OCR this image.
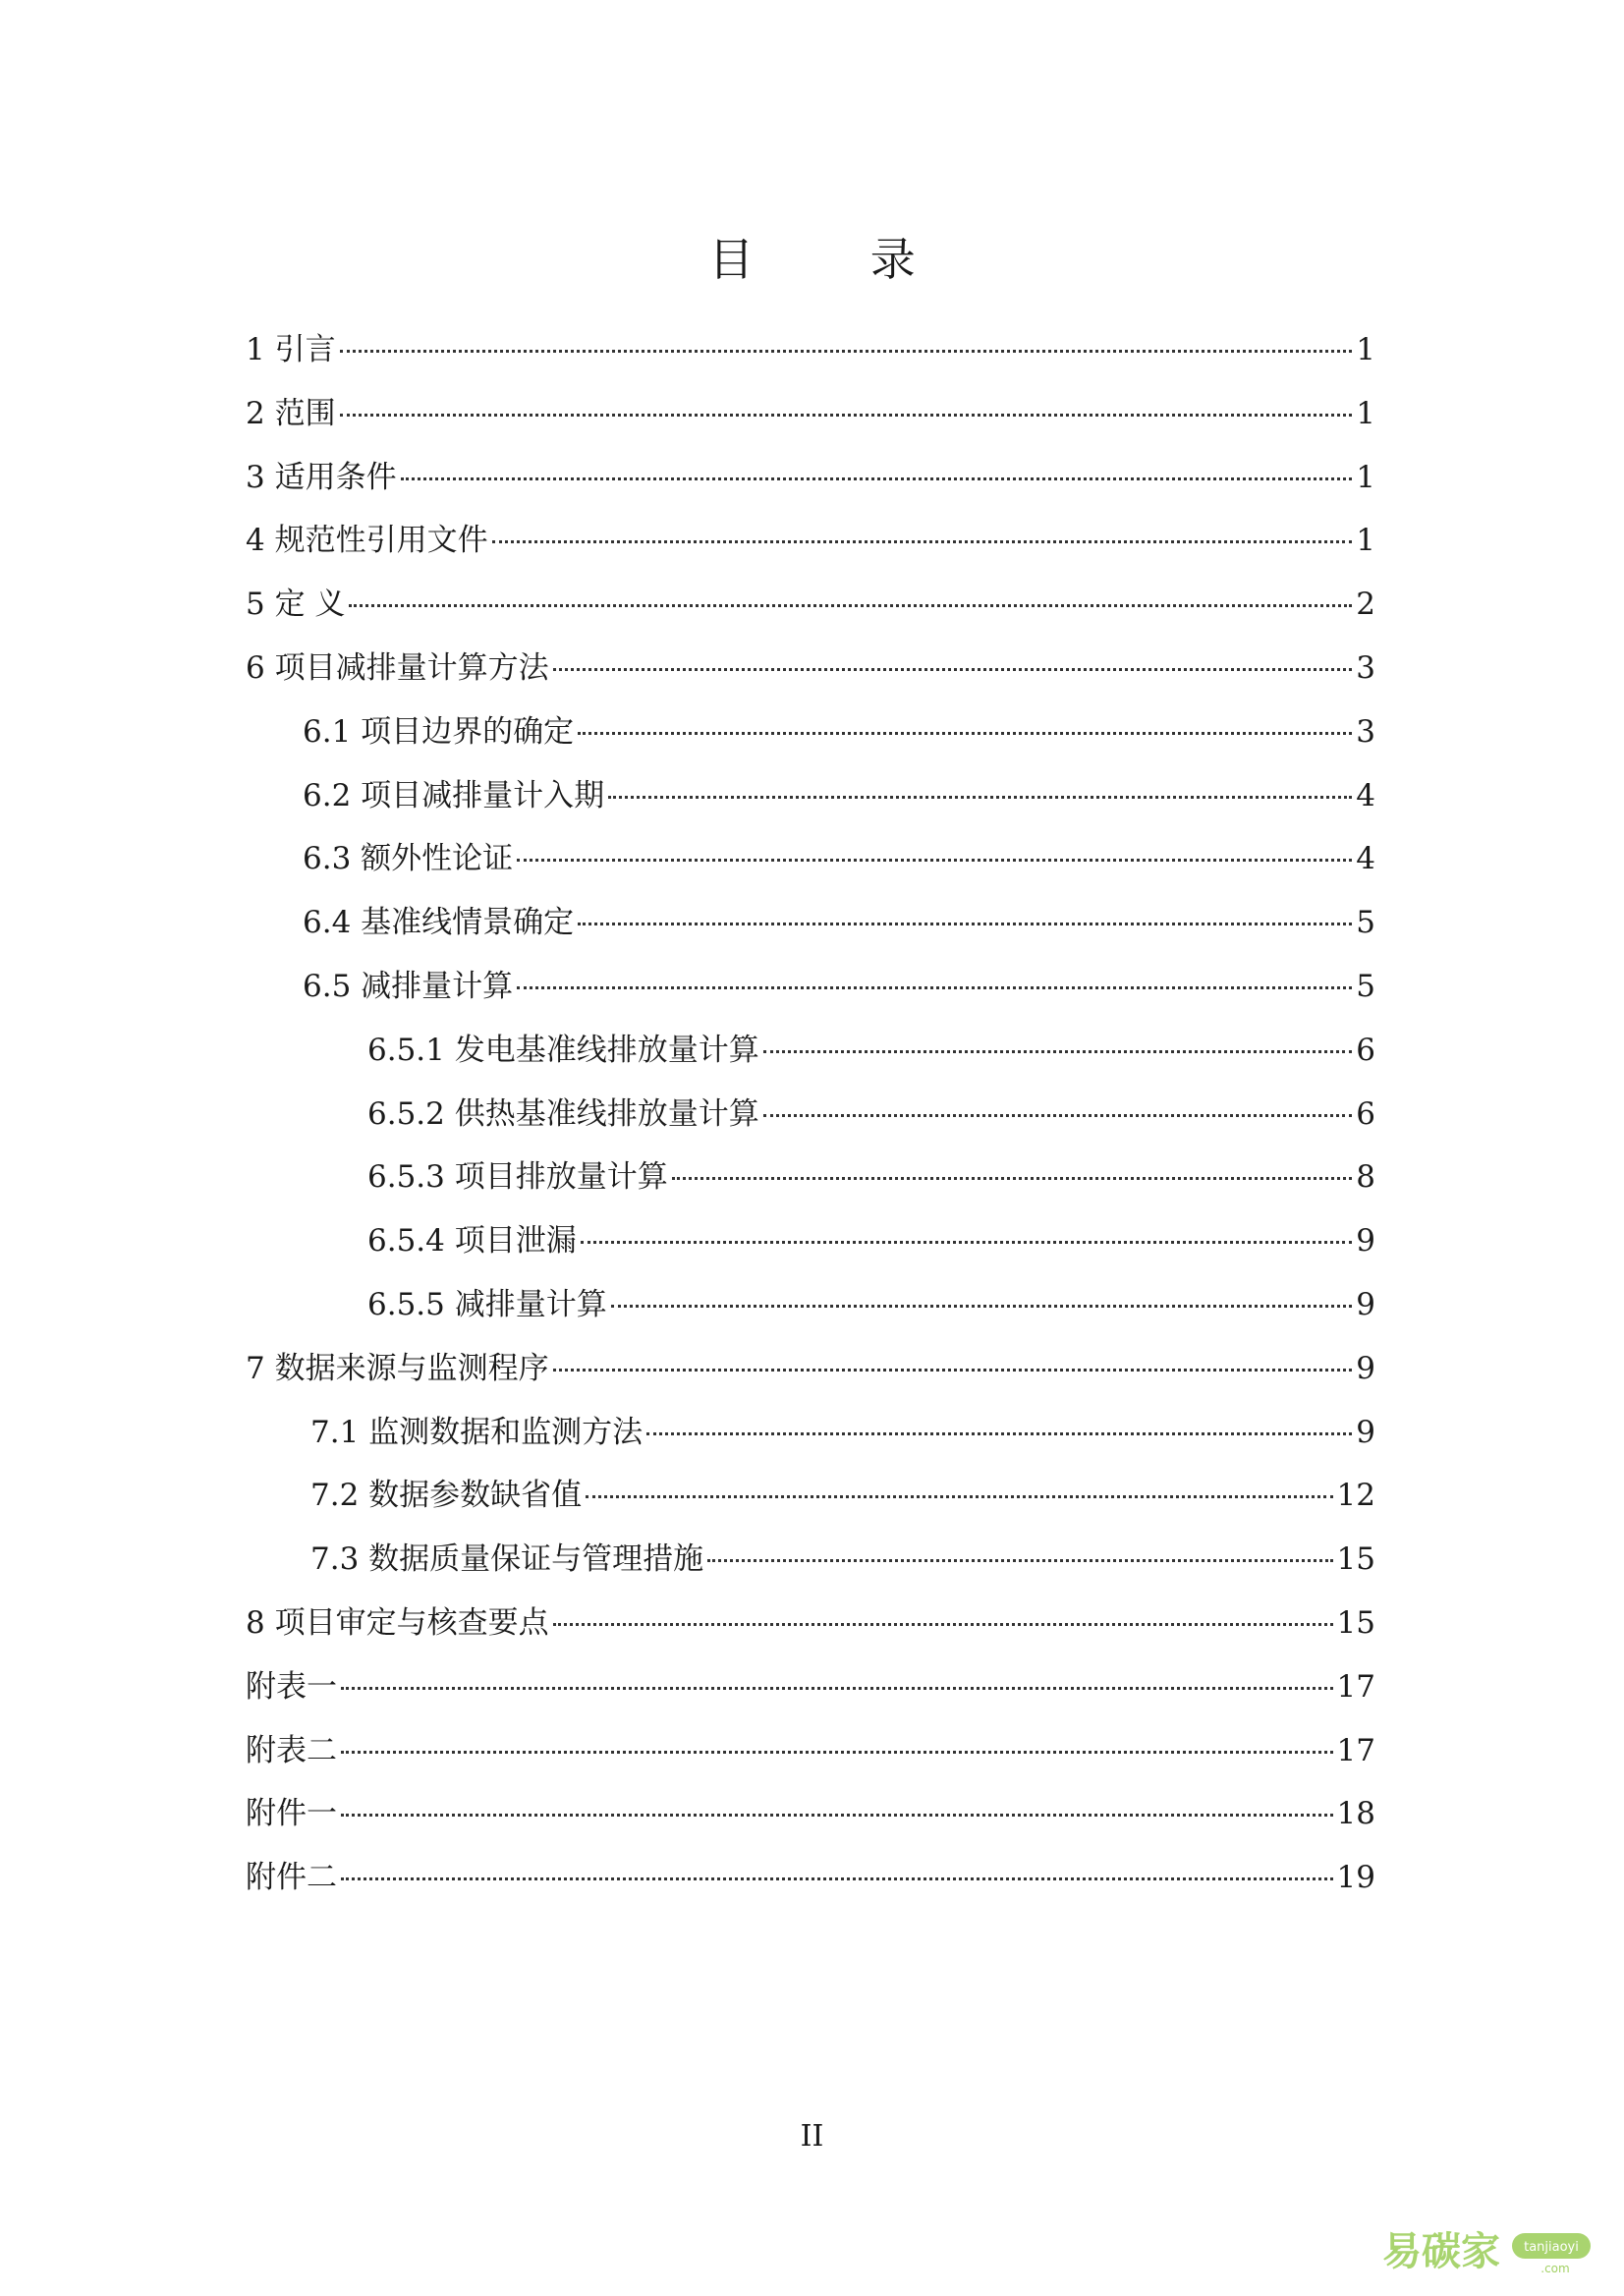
目 录
1 引言	1
2 范围	1
3 适用条件	1
4 规范性引用文件	1
5 定 义	2
6 项目减排量计算方法	3
6.1 项目边界的确定	3
6.2 项目减排量计入期	4
6.3 额外性论证	4
6.4 基准线情景确定	5
6.5 减排量计算	5
6.5.1 发电基准线排放量计算	6
6.5.2 供热基准线排放量计算	6
6.5.3 项目排放量计算	8
6.5.4 项目泄漏	9
6.5.5 减排量计算	9
7 数据来源与监测程序	9
7.1 监测数据和监测方法	9
7.2 数据参数缺省值	12
7.3 数据质量保证与管理措施	15
8 项目审定与核查要点	15
附表一	17
附表二	17
附件一	18
附件二	19
II
易碳家 tanjiaoyi
.com
